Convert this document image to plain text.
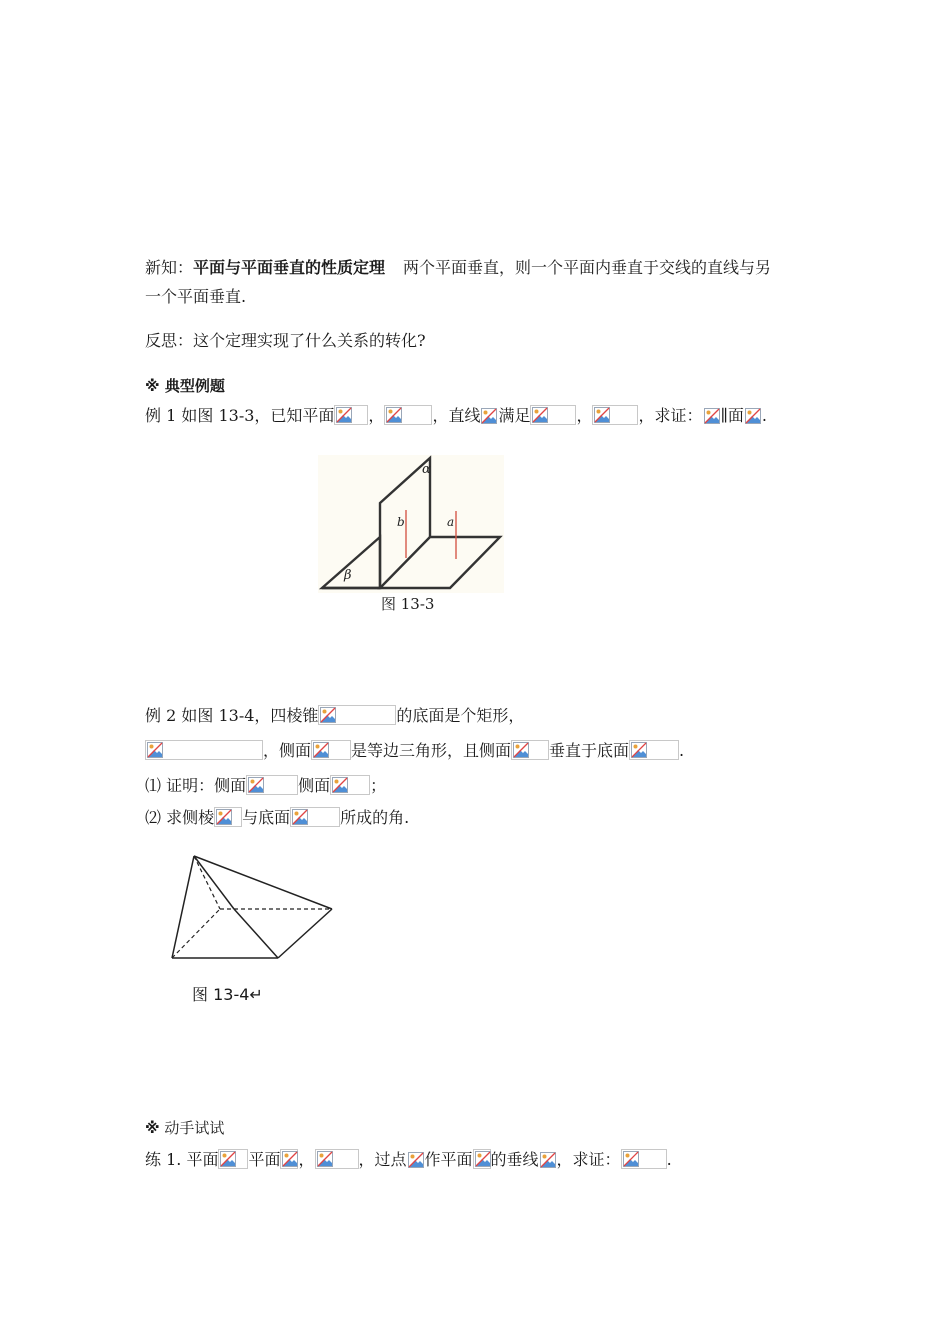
新知：平面与平面垂直的性质定理 两个平面垂直，则一个平面内垂直于交线的直线与另
一个平面垂直.
反思：这个定理实现了什么关系的转化?
※ 典型例题
例 1 如图 13-3，已知平面 ，	，直线 满足	，	，求证： ∥面 .
α
β
a
b
图 13-3
例 2 如图 13-4，四棱锥	的底面是个矩形，
，侧面	是等边三角形，且侧面 垂直于底面	.
⑴ 证明：侧面	侧面	；
⑵ 求侧棱 与底面	所成的角.
图 13-4↵
※ 动手试试
练 1. 平面 平面 ，	，过点 作平面 的垂线 ，求证：	.
